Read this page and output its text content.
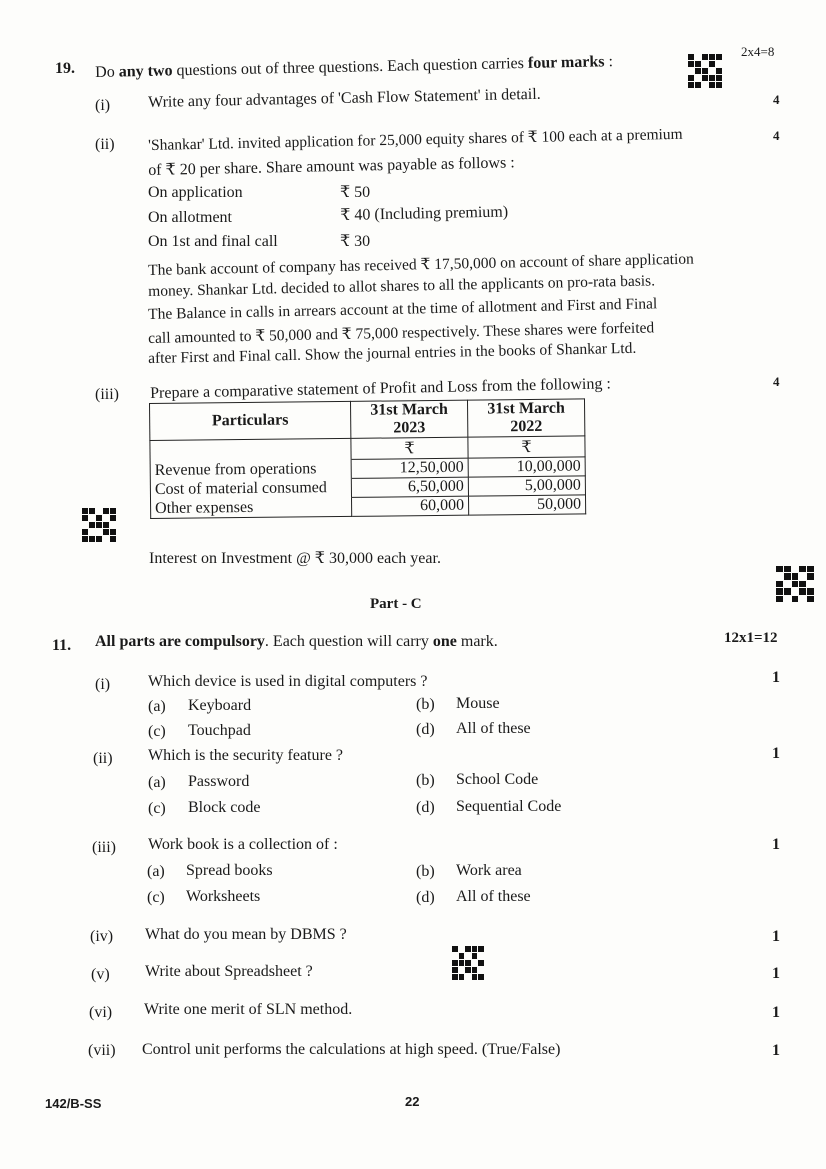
19. Do any two questions out of three questions. Each question carries four marks :
2x4=8
(i) Write any four advantages of 'Cash Flow Statement' in detail.	4
(ii) 'Shankar' Ltd. invited application for 25,000 equity shares of ₹ 100 each at a premium	4
of ₹ 20 per share. Share amount was payable as follows :
On application	₹ 50
On allotment	₹ 40 (Including premium)
On 1st and final call	₹ 30
The bank account of company has received ₹ 17,50,000 on account of share application
money. Shankar Ltd. decided to allot shares to all the applicants on pro-rata basis.
The Balance in calls in arrears account at the time of allotment and First and Final
call amounted to ₹ 50,000 and ₹ 75,000 respectively. These shares were forfeited
after First and Final call. Show the journal entries in the books of Shankar Ltd.
(iii) Prepare a comparative statement of Profit and Loss from the following :	4
Particulars	31st March 2023	31st March 2022
	₹	₹
Revenue from operations	12,50,000	10,00,000
Cost of material consumed	6,50,000	5,00,000
Other expenses	60,000	50,000
Interest on Investment @ ₹ 30,000 each year.
Part - C
11. All parts are compulsory. Each question will carry one mark.	12x1=12
(i) Which device is used in digital computers ?	1
(a) Keyboard	(b) Mouse
(c) Touchpad	(d) All of these
(ii) Which is the security feature ?	1
(a) Password	(b) School Code
(c) Block code	(d) Sequential Code
(iii) Work book is a collection of :	1
(a) Spread books	(b) Work area
(c) Worksheets	(d) All of these
(iv) What do you mean by DBMS ?	1
(v) Write about Spreadsheet ?	1
(vi) Write one merit of SLN method.	1
(vii) Control unit performs the calculations at high speed. (True/False)	1
142/B-SS	22
